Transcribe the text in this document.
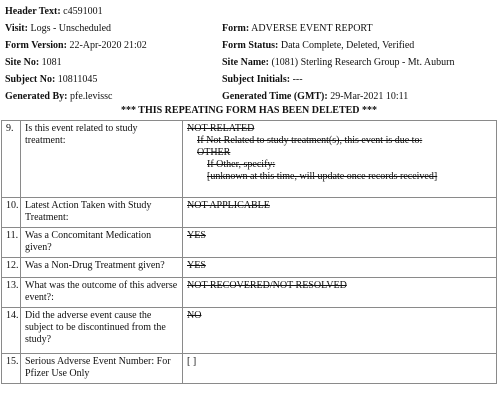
Header Text: c4591001
Visit: Logs - Unscheduled	Form: ADVERSE EVENT REPORT
Form Version: 22-Apr-2020 21:02	Form Status: Data Complete, Deleted, Verified
Site No: 1081	Site Name: (1081) Sterling Research Group - Mt. Auburn
Subject No: 10811045	Subject Initials: ---
Generated By: pfe.levissc	Generated Time (GMT): 29-Mar-2021 10:11
*** THIS REPEATING FORM HAS BEEN DELETED ***
9.	Is this event related to study treatment:	NOT RELATED
If Not Related to study treatment(s), this event is due to:
OTHER
If Other, specify:
[unknown at this time, will update once records received]

10.	Latest Action Taken with Study Treatment:	NOT APPLICABLE
11.	Was a Concomitant Medication given?	YES
12.	Was a Non-Drug Treatment given?	YES
13.	What was the outcome of this adverse event?:	NOT RECOVERED/NOT RESOLVED
14.	Did the adverse event cause the subject to be discontinued from the study?	NO
15.	Serious Adverse Event Number: For Pfizer Use Only	[ ]
